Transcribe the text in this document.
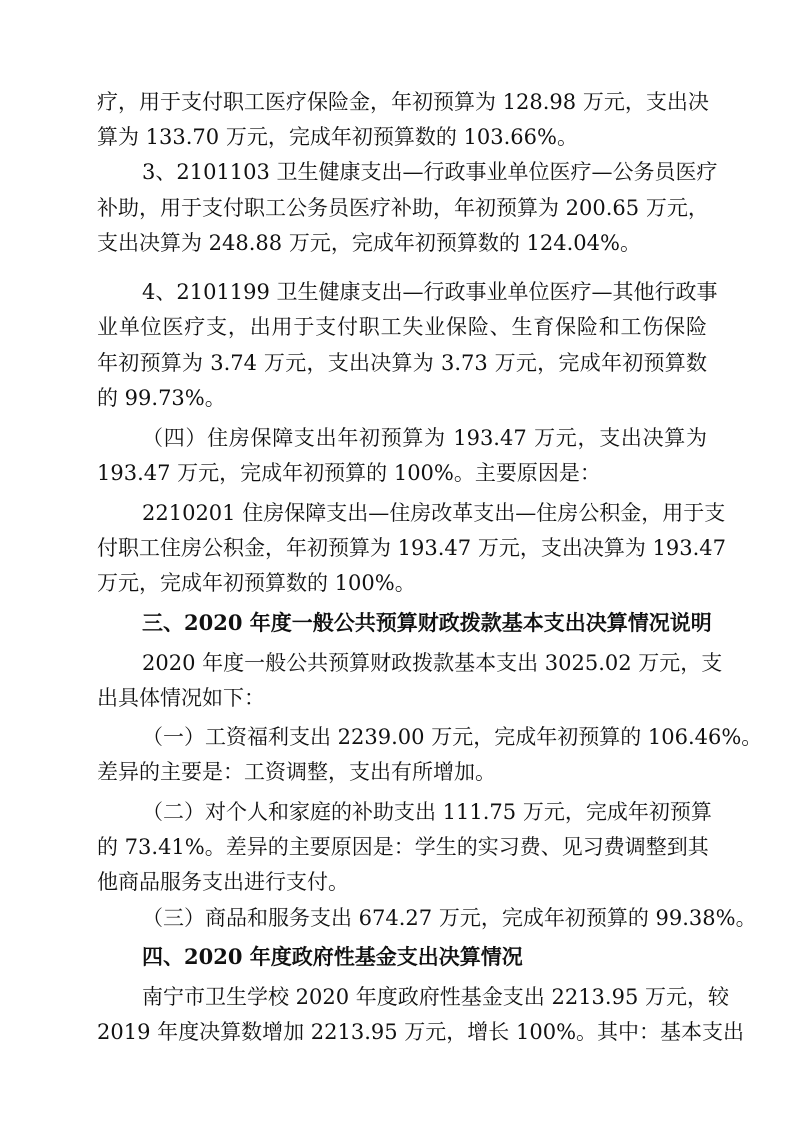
疗，用于支付职工医疗保险金，年初预算为 128.98 万元，支出决
算为 133.70 万元，完成年初预算数的 103.66%。
3、2101103 卫生健康支出—行政事业单位医疗—公务员医疗
补助，用于支付职工公务员医疗补助，年初预算为 200.65 万元，
支出决算为 248.88 万元，完成年初预算数的 124.04%。
4、2101199 卫生健康支出—行政事业单位医疗—其他行政事
业单位医疗支，出用于支付职工失业保险、生育保险和工伤保险
年初预算为 3.74 万元，支出决算为 3.73 万元，完成年初预算数
的 99.73%。
（四）住房保障支出年初预算为 193.47 万元，支出决算为
193.47 万元，完成年初预算的 100%。主要原因是：
2210201 住房保障支出—住房改革支出—住房公积金，用于支
付职工住房公积金，年初预算为 193.47 万元，支出决算为 193.47
万元，完成年初预算数的 100%。
三、2020 年度一般公共预算财政拨款基本支出决算情况说明
2020 年度一般公共预算财政拨款基本支出 3025.02 万元，支
出具体情况如下：
（一）工资福利支出 2239.00 万元，完成年初预算的 106.46%。
差异的主要是：工资调整，支出有所增加。
（二）对个人和家庭的补助支出 111.75 万元，完成年初预算
的 73.41%。差异的主要原因是：学生的实习费、见习费调整到其
他商品服务支出进行支付。
（三）商品和服务支出 674.27 万元，完成年初预算的 99.38%。
四、2020 年度政府性基金支出决算情况
南宁市卫生学校 2020 年度政府性基金支出 2213.95 万元，较
2019 年度决算数增加 2213.95 万元，增长 100%。其中：基本支出
